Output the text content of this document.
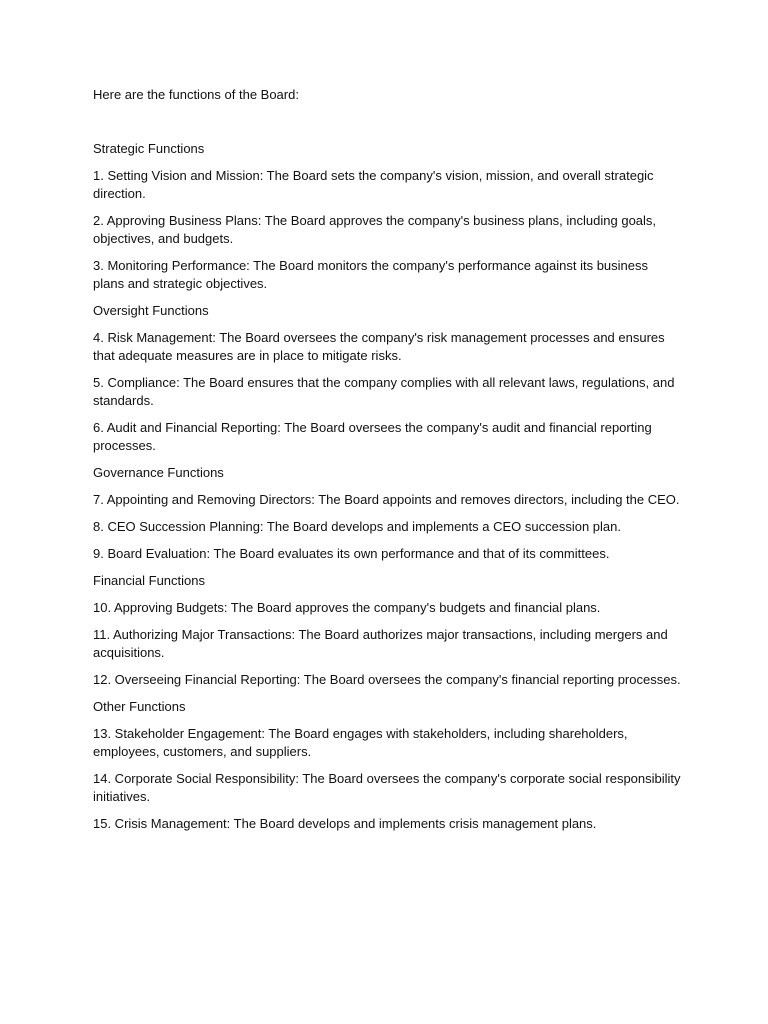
Here are the functions of the Board:

Strategic Functions

1. Setting Vision and Mission: The Board sets the company's vision, mission, and overall strategic direction.

2. Approving Business Plans: The Board approves the company's business plans, including goals, objectives, and budgets.

3. Monitoring Performance: The Board monitors the company's performance against its business plans and strategic objectives.

Oversight Functions

4. Risk Management: The Board oversees the company's risk management processes and ensures that adequate measures are in place to mitigate risks.

5. Compliance: The Board ensures that the company complies with all relevant laws, regulations, and standards.

6. Audit and Financial Reporting: The Board oversees the company's audit and financial reporting processes.

Governance Functions

7. Appointing and Removing Directors: The Board appoints and removes directors, including the CEO.

8. CEO Succession Planning: The Board develops and implements a CEO succession plan.

9. Board Evaluation: The Board evaluates its own performance and that of its committees.

Financial Functions

10. Approving Budgets: The Board approves the company's budgets and financial plans.

11. Authorizing Major Transactions: The Board authorizes major transactions, including mergers and acquisitions.

12. Overseeing Financial Reporting: The Board oversees the company's financial reporting processes.

Other Functions

13. Stakeholder Engagement: The Board engages with stakeholders, including shareholders, employees, customers, and suppliers.

14. Corporate Social Responsibility: The Board oversees the company's corporate social responsibility initiatives.

15. Crisis Management: The Board develops and implements crisis management plans.
